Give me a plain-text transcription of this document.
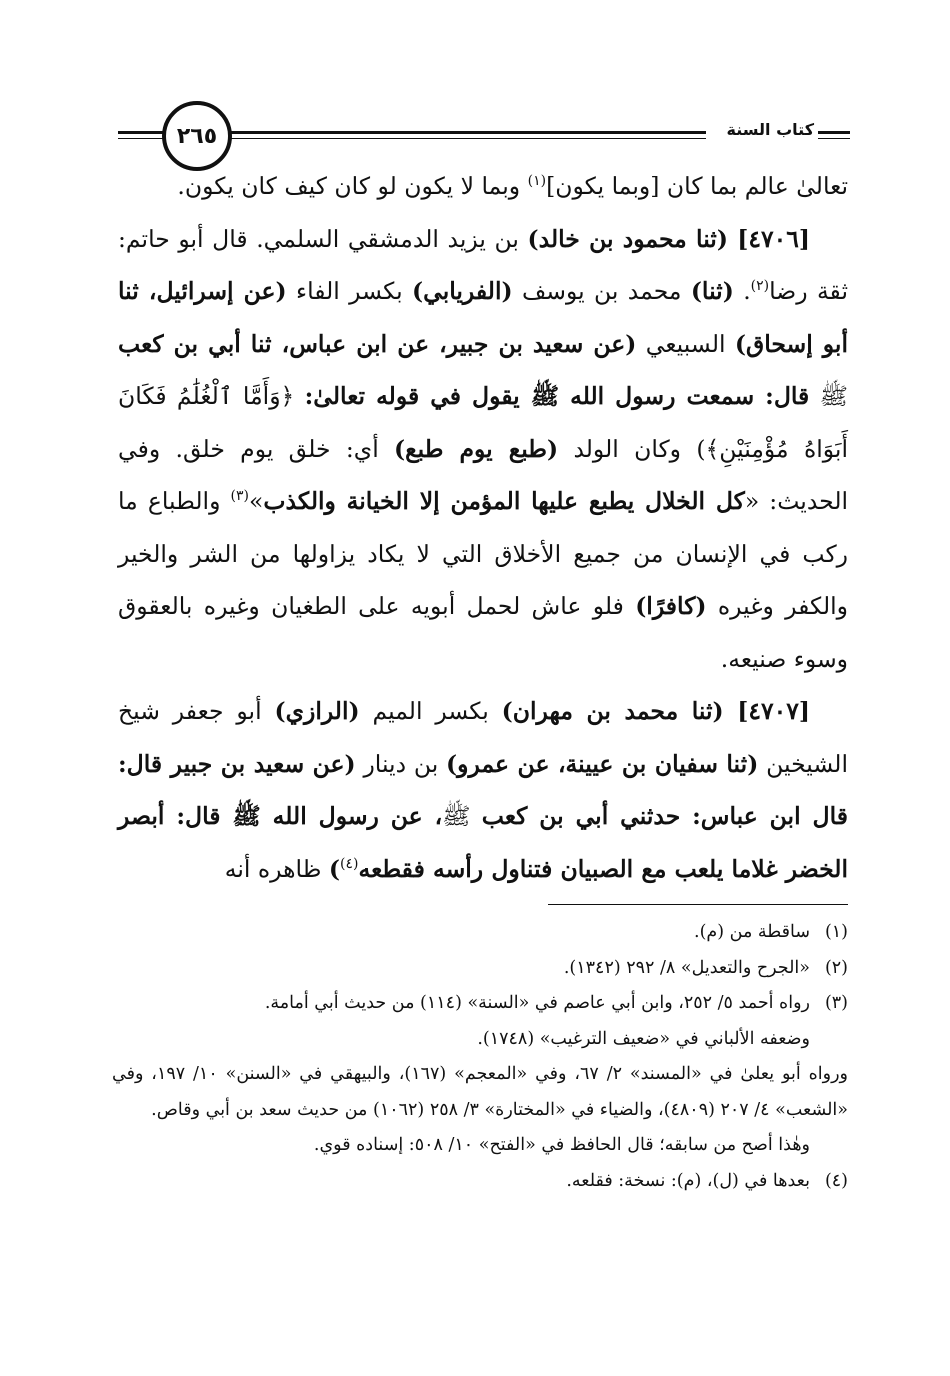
٢٦٥	كتاب السنة

تعالىٰ عالم بما كان [وبما يكون]$^{(١)}$ وبما لا يكون لو كان كيف كان يكون.

[٤٧٠٦] (ثنا محمود بن خالد) بن يزيد الدمشقي السلمي. قال أبو حاتم: ثقة رضا$^{(٢)}$. (ثنا) محمد بن يوسف (الفريابي) بكسر الفاء (عن إسرائيل، ثنا أبو إسحاق) السبيعي (عن سعيد بن جبير، عن ابن عباس، ثنا أبي بن كعب ﷺ قال: سمعت رسول الله ﷺ يقول في قوله تعالىٰ: ﴿وَأَمَّا ٱلْغُلَٰمُ فَكَانَ أَبَوَاهُ مُؤْمِنَيْنِ﴾) وكان الولد (طبع يوم طبع) أي: خلق يوم خلق. وفي الحديث: «كل الخلال يطبع عليها المؤمن إلا الخيانة والكذب»$^{(٣)}$ والطباع ما ركب في الإنسان من جميع الأخلاق التي لا يكاد يزاولها من الشر والخير والكفر وغيره (كافرًا) فلو عاش لحمل أبويه على الطغيان وغيره بالعقوق وسوء صنيعه.

[٤٧٠٧] (ثنا محمد بن مهران) بكسر الميم (الرازي) أبو جعفر شيخ الشيخين (ثنا سفيان بن عيينة، عن عمرو) بن دينار (عن سعيد بن جبير قال: قال ابن عباس: حدثني أبي بن كعب ﷺ، عن رسول الله ﷺ قال: أبصر الخضر غلاما يلعب مع الصبيان فتناول رأسه فقطعه$^{(٤)}$) ظاهره أنه

(١)
ساقطة من (م).
(٢)
«الجرح والتعديل» ٨/ ٢٩٢ (١٣٤٢).
(٣)
رواه أحمد ٥/ ٢٥٢، وابن أبي عاصم في «السنة» (١١٤) من حديث أبي أمامة.
وضعفه الألباني في «ضعيف الترغيب» (١٧٤٨).
ورواه أبو يعلىٰ في «المسند» ٢/ ٦٧، وفي «المعجم» (١٦٧)، والبيهقي في «السنن» ١٠/ ١٩٧، وفي «الشعب» ٤/ ٢٠٧ (٤٨٠٩)، والضياء في «المختارة» ٣/ ٢٥٨ (١٠٦٢) من حديث سعد بن أبي وقاص.
وهٰذا أصح من سابقه؛ قال الحافظ في «الفتح» ١٠/ ٥٠٨: إسناده قوي.
(٤)
بعدها في (ل)، (م): نسخة: فقلعه.
